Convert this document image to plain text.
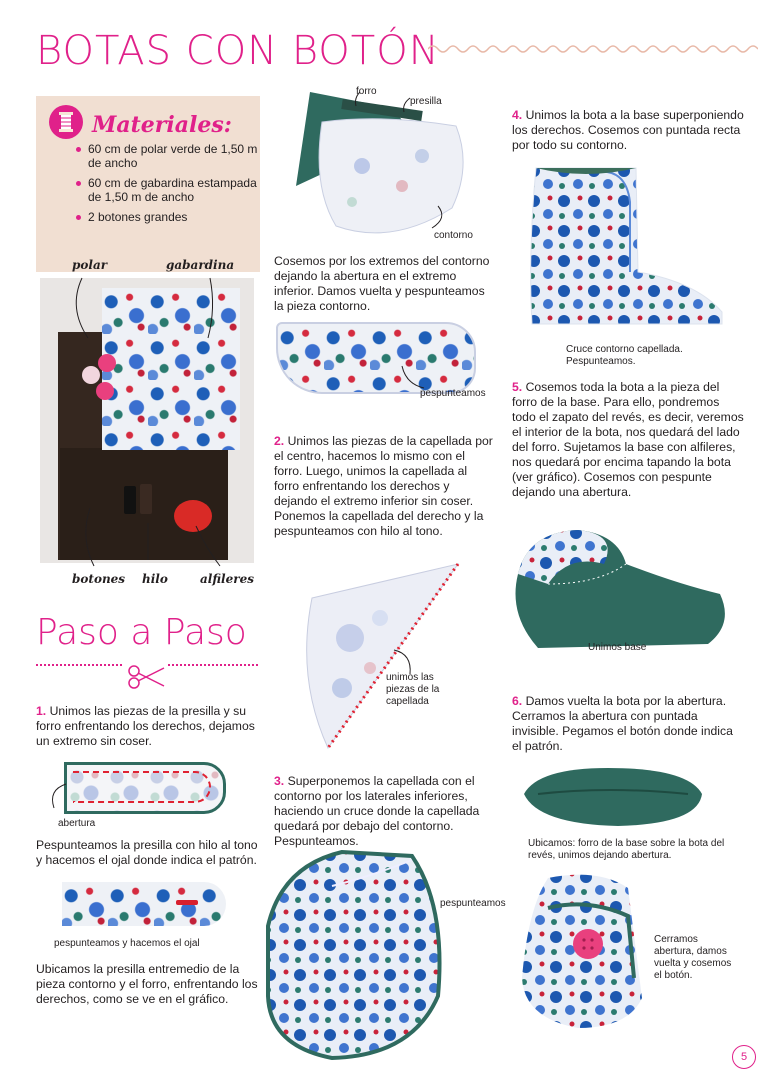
BOTAS CON BOTÓN
Materiales:
60 cm de polar verde de 1,50 m de ancho
60 cm de gabardina estampada de 1,50 m de ancho
2 botones grandes
polar	gabardina
botones hilo	alfileres
Paso a Paso
1. Unimos las piezas de la presilla y su forro enfrentando los derechos, dejamos un extremo sin coser.
abertura
Pespunteamos la presilla con hilo al tono y hacemos el ojal donde indica el patrón.
pespunteamos y hacemos el ojal
Ubicamos la presilla entremedio de la pieza contorno y el forro, enfrentando los derechos, como se ve en el gráfico.
forro
presilla
contorno
Cosemos por los extremos del contorno dejando la abertura en el extremo inferior. Damos vuelta y pespunteamos la pieza contorno.
pespunteamos
2. Unimos las piezas de la capellada por el centro, hacemos lo mismo con el forro. Luego, unimos la capellada al forro enfrentando los derechos y dejando el extremo inferior sin coser. Ponemos la capellada del derecho y la pespunteamos con hilo al tono.
unimos las piezas de la capellada
3. Superponemos la capellada con el contorno por los laterales inferiores, haciendo un cruce donde la capellada quedará por debajo del contorno. Pespunteamos.
pespunteamos
4. Unimos la bota a la base superponiendo los derechos. Cosemos con puntada recta por todo su contorno.
Cruce contorno capellada. Pespunteamos.
5. Cosemos toda la bota a la pieza del forro de la base. Para ello, pondremos todo el zapato del revés, es decir, veremos el interior de la bota, nos quedará del lado del forro. Sujetamos la base con alfileres, nos quedará por encima tapando la bota (ver gráfico). Cosemos con pespunte dejando una abertura.
Unimos base
6. Damos vuelta la bota por la abertura. Cerramos la abertura con puntada invisible. Pegamos el botón donde indica el patrón.
Ubicamos: forro de la base sobre la bota del revés, unimos dejando abertura.
Cerramos abertura, damos vuelta y cosemos el botón.
5
